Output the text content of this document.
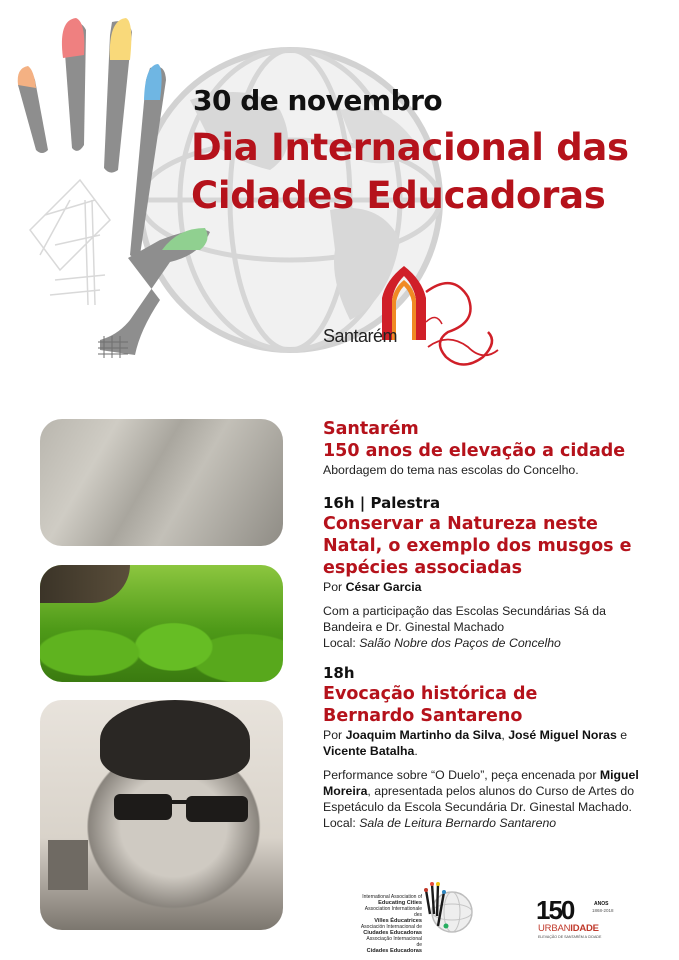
30 de novembro
Dia Internacional das
Cidades Educadoras
Santarém
Santarém
150 anos de elevação a cidade
Abordagem do tema nas escolas do Concelho.
16h | Palestra
Conservar a Natureza neste Natal, o exemplo dos musgos e espécies associadas
Por César Garcia
Com a participação das Escolas Secundárias Sá da Bandeira e Dr. Ginestal Machado
Local: Salão Nobre dos Paços de Concelho
18h
Evocação histórica de
Bernardo Santareno
Por Joaquim Martinho da Silva, José Miguel Noras e Vicente Batalha.
Performance sobre “O Duelo”, peça encenada por Miguel Moreira, apresentada pelos alunos do Curso de Artes do Espetáculo da Escola Secundária Dr. Ginestal Machado.
Local: Sala de Leitura Bernardo Santareno
International Association of
Educating Cities
Association Internationale des
Villes Éducatrices
Asociación Internacional de
Ciudades Educadoras
Associação Internacional de
Cidades Educadoras
150	ANOS
1868-2018
URBANIDADE
ELEVAÇÃO DE SANTARÉM A CIDADE
